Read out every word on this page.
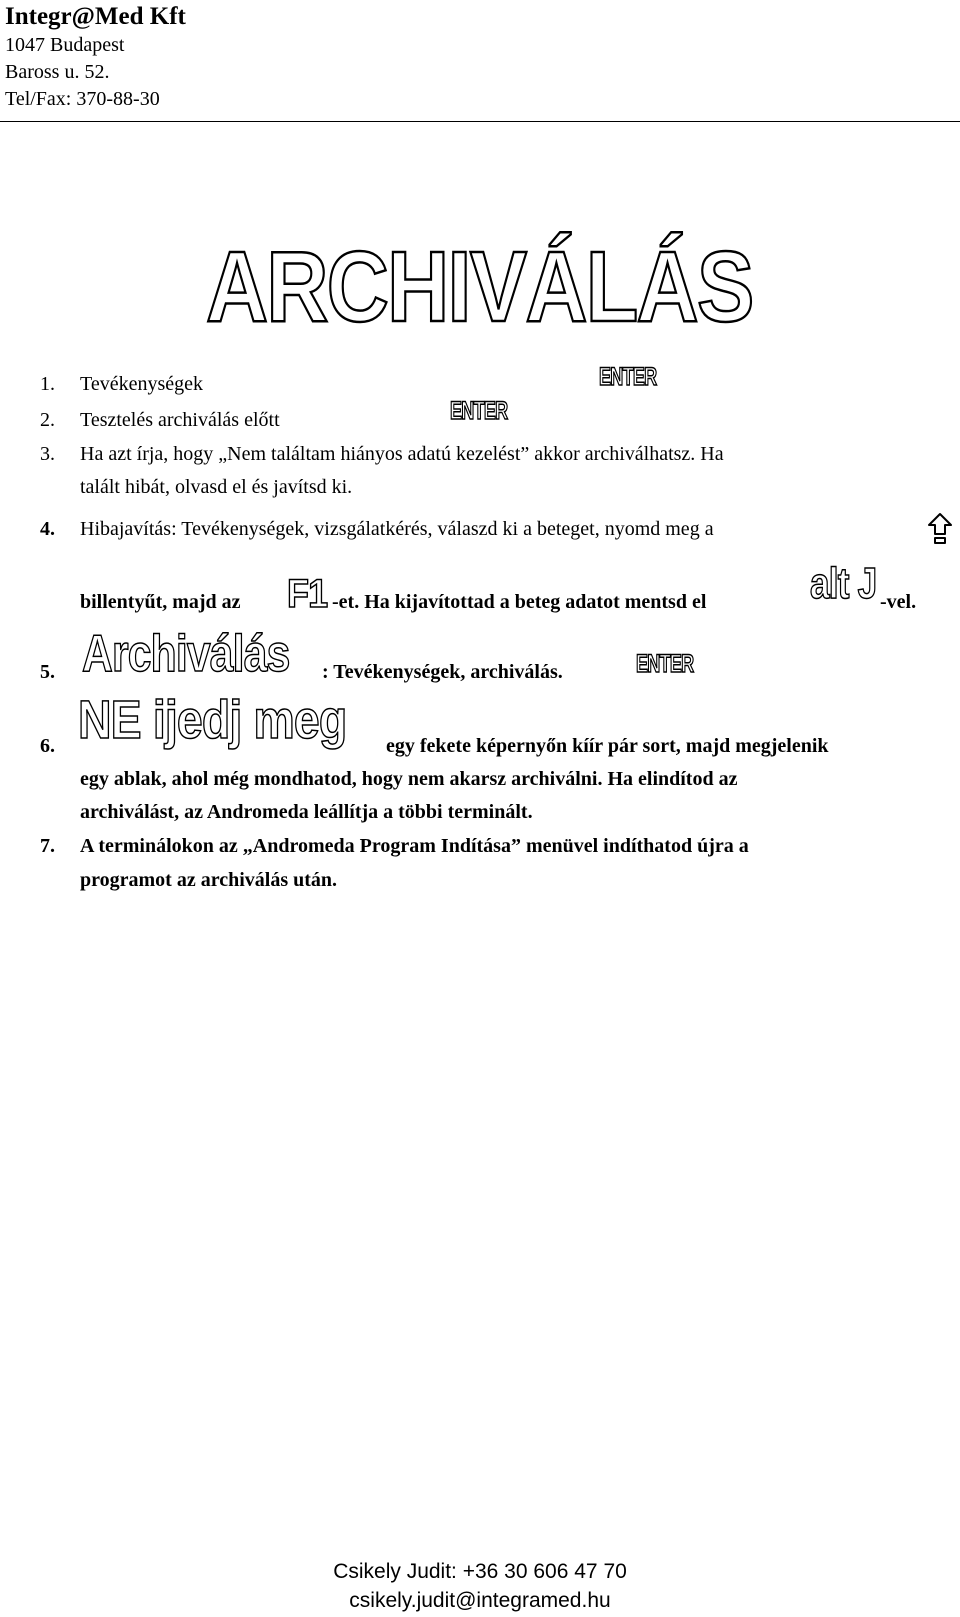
Integr@Med Kft
1047 Budapest
Baross u. 52.
Tel/Fax: 370-88-30
ARCHIVÁLÁS
1. Tevékenységek	ENTER
2. Tesztelés archiválás előtt	ENTER
3. Ha azt írja, hogy „Nem találtam hiányos adatú kezelést” akkor archiválhatsz. Ha
talált hibát, olvasd el és javítsd ki.
4. Hibajavítás: Tevékenységek, vizsgálatkérés, válaszd ki a beteget, nyomd meg a
billentyűt, majd az F1 -et. Ha kijavítottad a beteg adatot mentsd el alt J -vel.
5. Archiválás : Tevékenységek, archiválás.	ENTER
6. NE ijedj meg egy fekete képernyőn kíír pár sort, majd megjelenik
egy ablak, ahol még mondhatod, hogy nem akarsz archiválni. Ha elindítod az
archiválást, az Andromeda leállítja a többi terminált.
7. A terminálokon az „Andromeda Program Indítása” menüvel indíthatod újra a
programot az archiválás után.
Csikely Judit: +36 30 606 47 70
csikely.judit@integramed.hu
